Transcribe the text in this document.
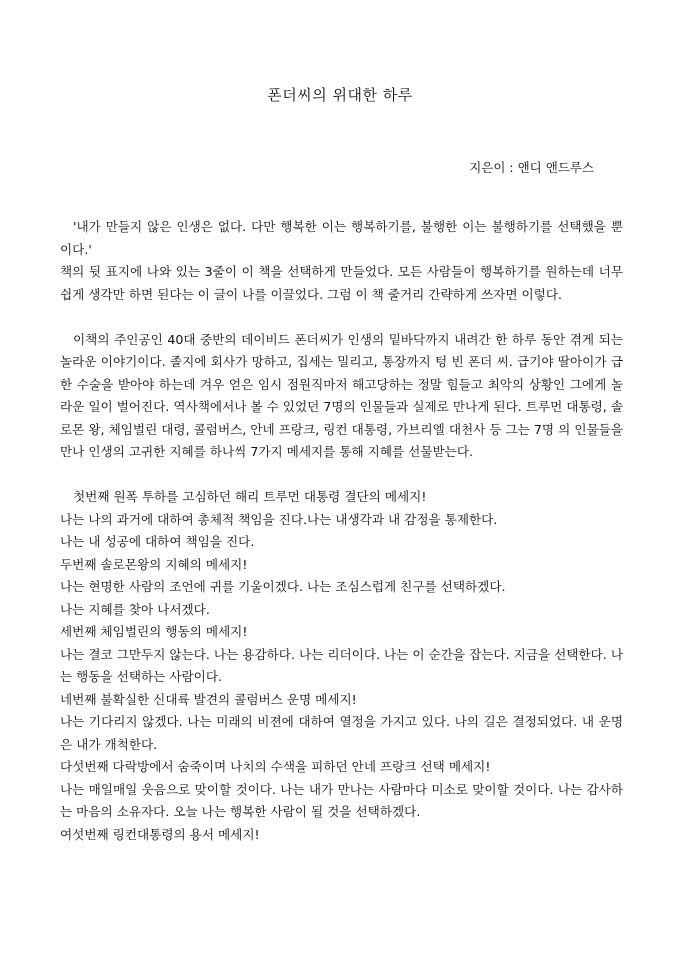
폰더씨의 위대한 하루

지은이 : 앤디 앤드루스

'내가 만들지 않은 인생은 없다. 다만 행복한 이는 행복하기를, 불행한 이는 불행하기를 선택했을 뿐이다.'

책의 뒷 표지에 나와 있는 3줄이 이 책을 선택하게 만들었다. 모든 사람들이 행복하기를 원하는데 너무 쉽게 생각만 하면 된다는 이 글이 나를 이끌었다. 그럼 이 책 줄거리 간략하게 쓰자면 이렇다.

이책의 주인공인 40대 중반의 데이비드 폰더씨가 인생의 밑바닥까지 내려간 한 하루 동안 겪게 되는 놀라운 이야기이다. 졸지에 회사가 망하고, 집세는 밀리고, 통장까지 텅 빈 폰더 씨. 급기야 딸아이가 급한 수술을 받아야 하는데 겨우 얻은 임시 점원직마저 해고당하는 정말 힘들고 최악의 상황인 그에게 놀라운 일이 벌어진다. 역사책에서나 볼 수 있었던 7명의 인물들과 실제로 만나게 된다. 트루먼 대통령, 솔로몬 왕, 체임벌린 대령, 콜럼버스, 안네 프랑크, 링컨 대통령, 가브리엘 대천사 등 그는 7명 의 인물들을 만나 인생의 고귀한 지혜를 하나씩 7가지 메세지를 통해 지혜를 선물받는다.

첫번째 원폭 투하를 고심하던 해리 트루먼 대통령 결단의 메세지!

나는 나의 과거에 대하여 총체적 책임을 진다.나는 내생각과 내 감정을 통제한다.

나는 내 성공에 대하여 책임을 진다.

두번째 솔로몬왕의 지혜의 메세지!

나는 현명한 사람의 조언에 귀를 기울이겠다. 나는 조심스럽게 친구를 선택하겠다.

나는 지혜를 찾아 나서겠다.

세번째 체임벌린의 행동의 메세지!

나는 결코 그만두지 않는다. 나는 용감하다. 나는 리더이다. 나는 이 순간을 잡는다. 지금을 선택한다. 나는 행동을 선택하는 사람이다.

네번째 불확실한 신대륙 발견의 콜럼버스 운명 메세지!

나는 기다리지 않겠다. 나는 미래의 비젼에 대하여 열정을 가지고 있다. 나의 길은 결정되었다. 내 운명은 내가 개척한다.

다섯번째 다락방에서 숨죽이며 나치의 수색을 피하던 안네 프랑크 선택 메세지!

나는 매일매일 웃음으로 맞이할 것이다. 나는 내가 만나는 사람마다 미소로 맞이할 것이다. 나는 감사하는 마음의 소유자다. 오늘 나는 행복한 사람이 될 것을 선택하겠다.

여섯번째 링컨대통령의 용서 메세지!
